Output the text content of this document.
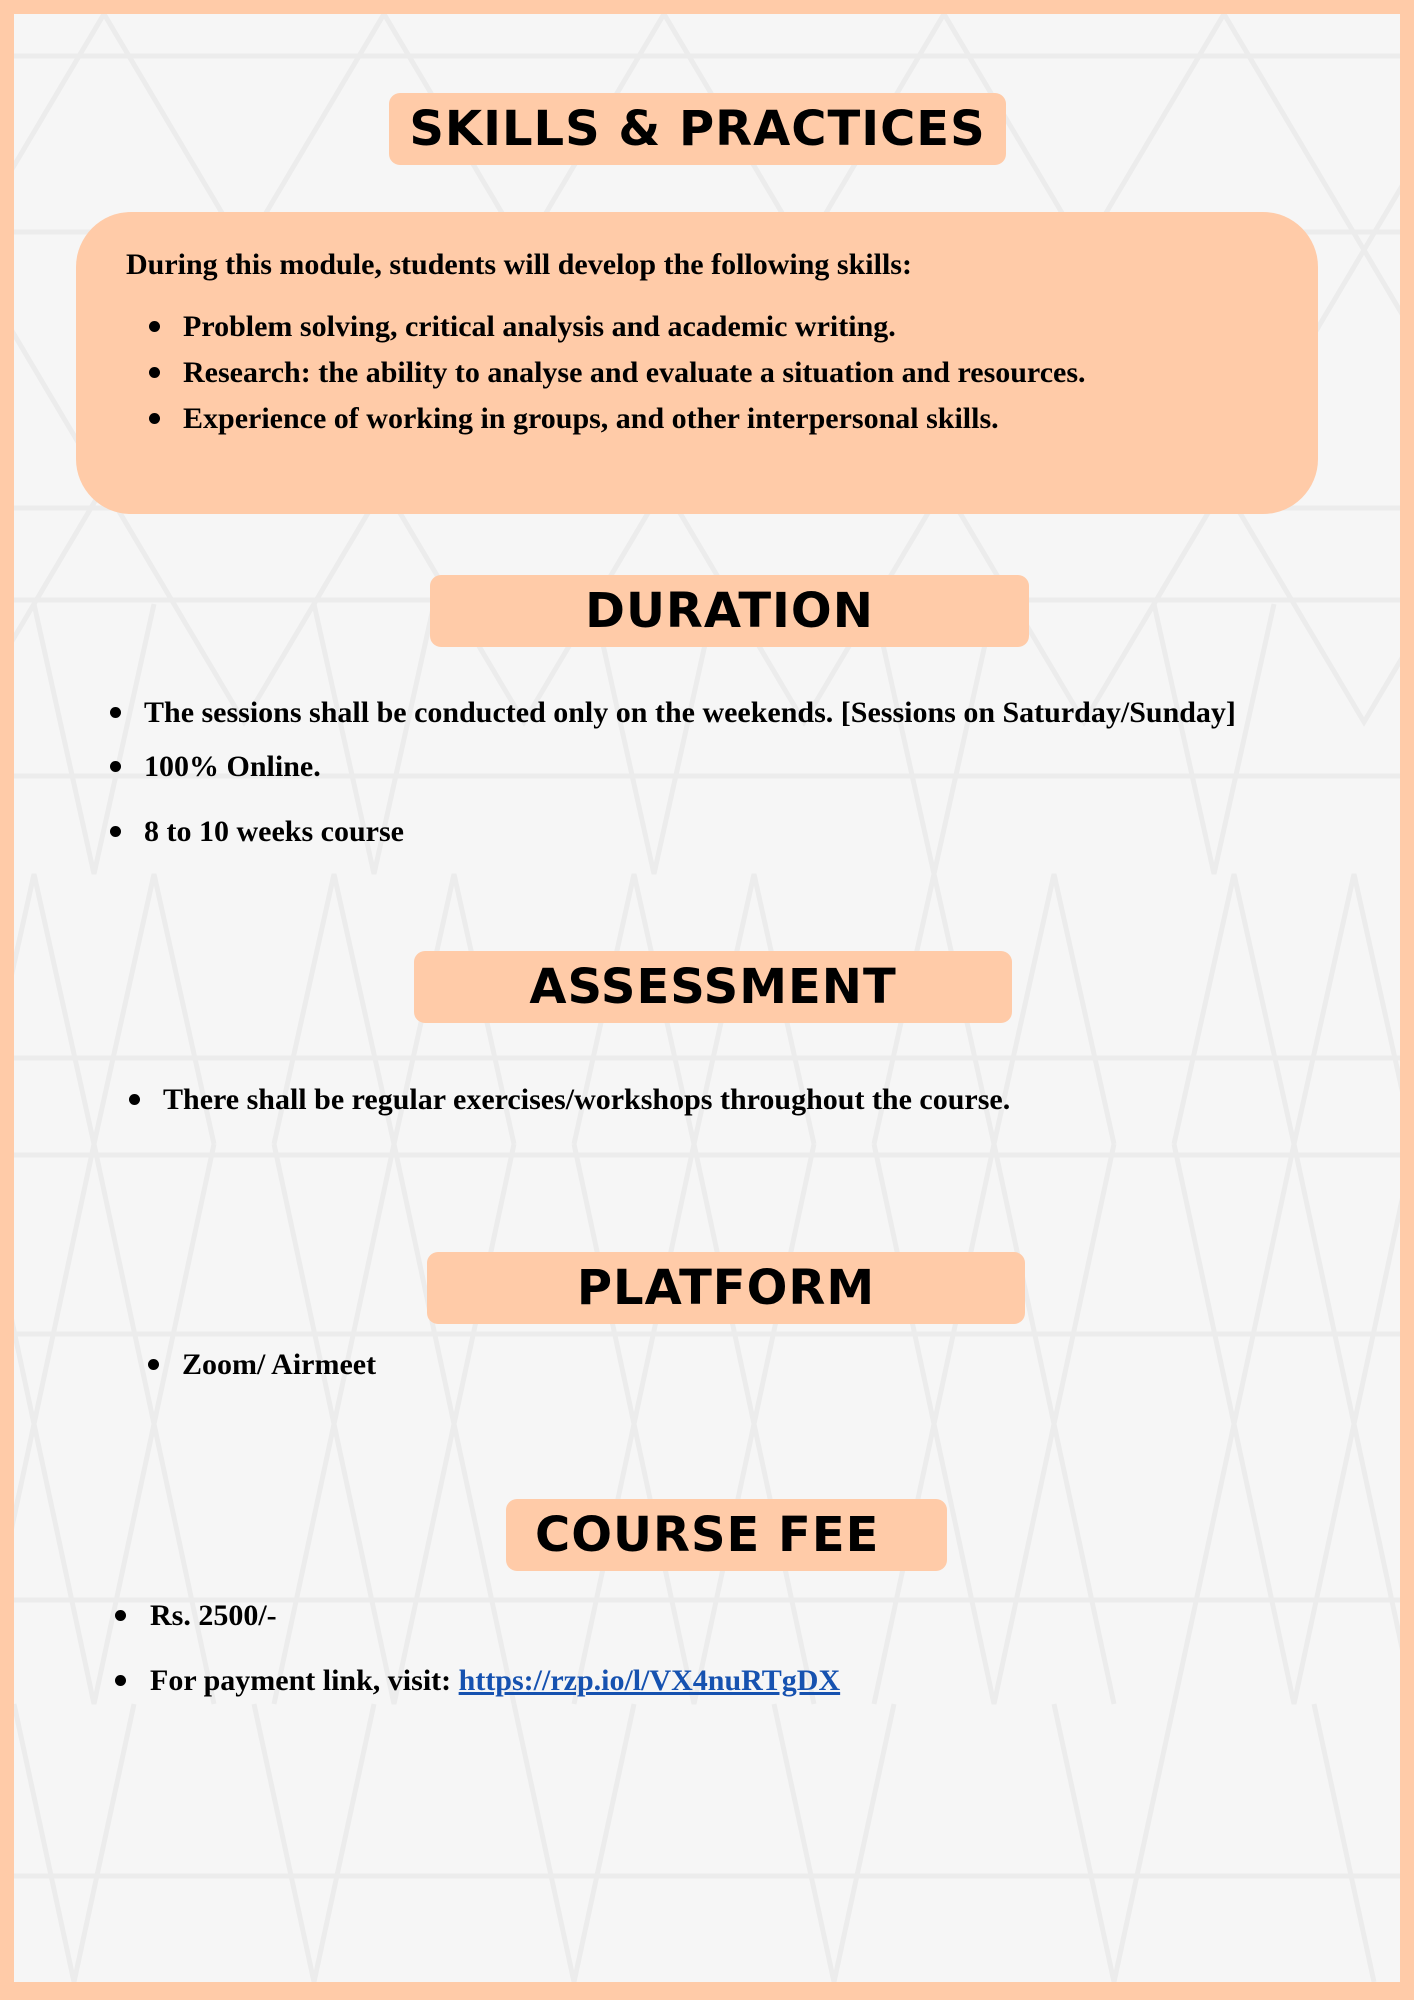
SKILLS & PRACTICES
During this module, students will develop the following skills:
Problem solving, critical analysis and academic writing.
Research: the ability to analyse and evaluate a situation and resources.
Experience of working in groups, and other interpersonal skills.
DURATION
The sessions shall be conducted only on the weekends. [Sessions on Saturday/Sunday]
100% Online.
8 to 10 weeks course
ASSESSMENT
There shall be regular exercises/workshops throughout the course.
PLATFORM
Zoom/ Airmeet
COURSE FEE
Rs. 2500/-
For payment link, visit: https://rzp.io/l/VX4nuRTgDX
